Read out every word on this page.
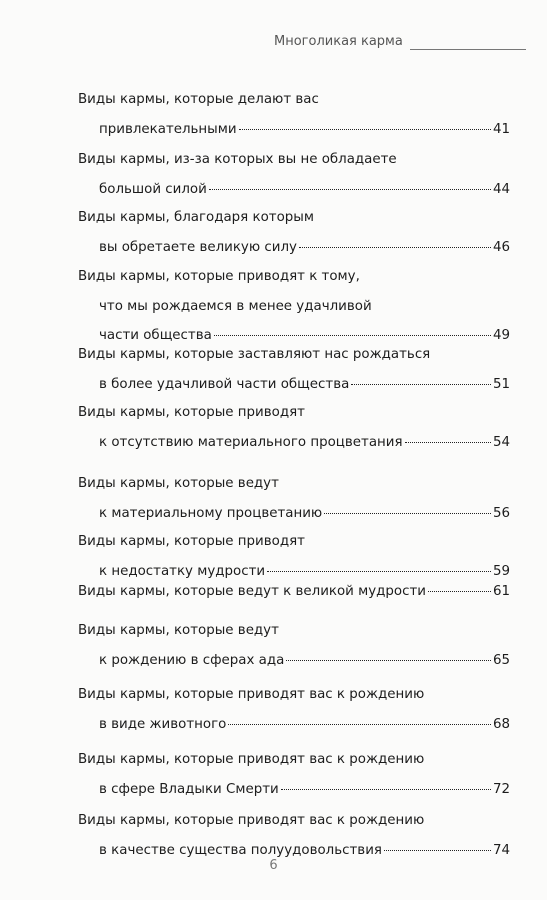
Многоликая карма
Виды кармы, которые делают вас
привлекательными	41
Виды кармы, из-за которых вы не обладаете
большой силой	44
Виды кармы, благодаря которым
вы обретаете великую силу	46
Виды кармы, которые приводят к тому,
что мы рождаемся в менее удачливой
части общества	49
Виды кармы, которые заставляют нас рождаться
в более удачливой части общества	51
Виды кармы, которые приводят
к отсутствию материального процветания	54
Виды кармы, которые ведут
к материальному процветанию	56
Виды кармы, которые приводят
к недостатку мудрости	59
Виды кармы, которые ведут к великой мудрости	61
Виды кармы, которые ведут
к рождению в сферах ада	65
Виды кармы, которые приводят вас к рождению
в виде животного	68
Виды кармы, которые приводят вас к рождению
в сфере Владыки Смерти	72
Виды кармы, которые приводят вас к рождению
в качестве существа полуудовольствия	74
6
